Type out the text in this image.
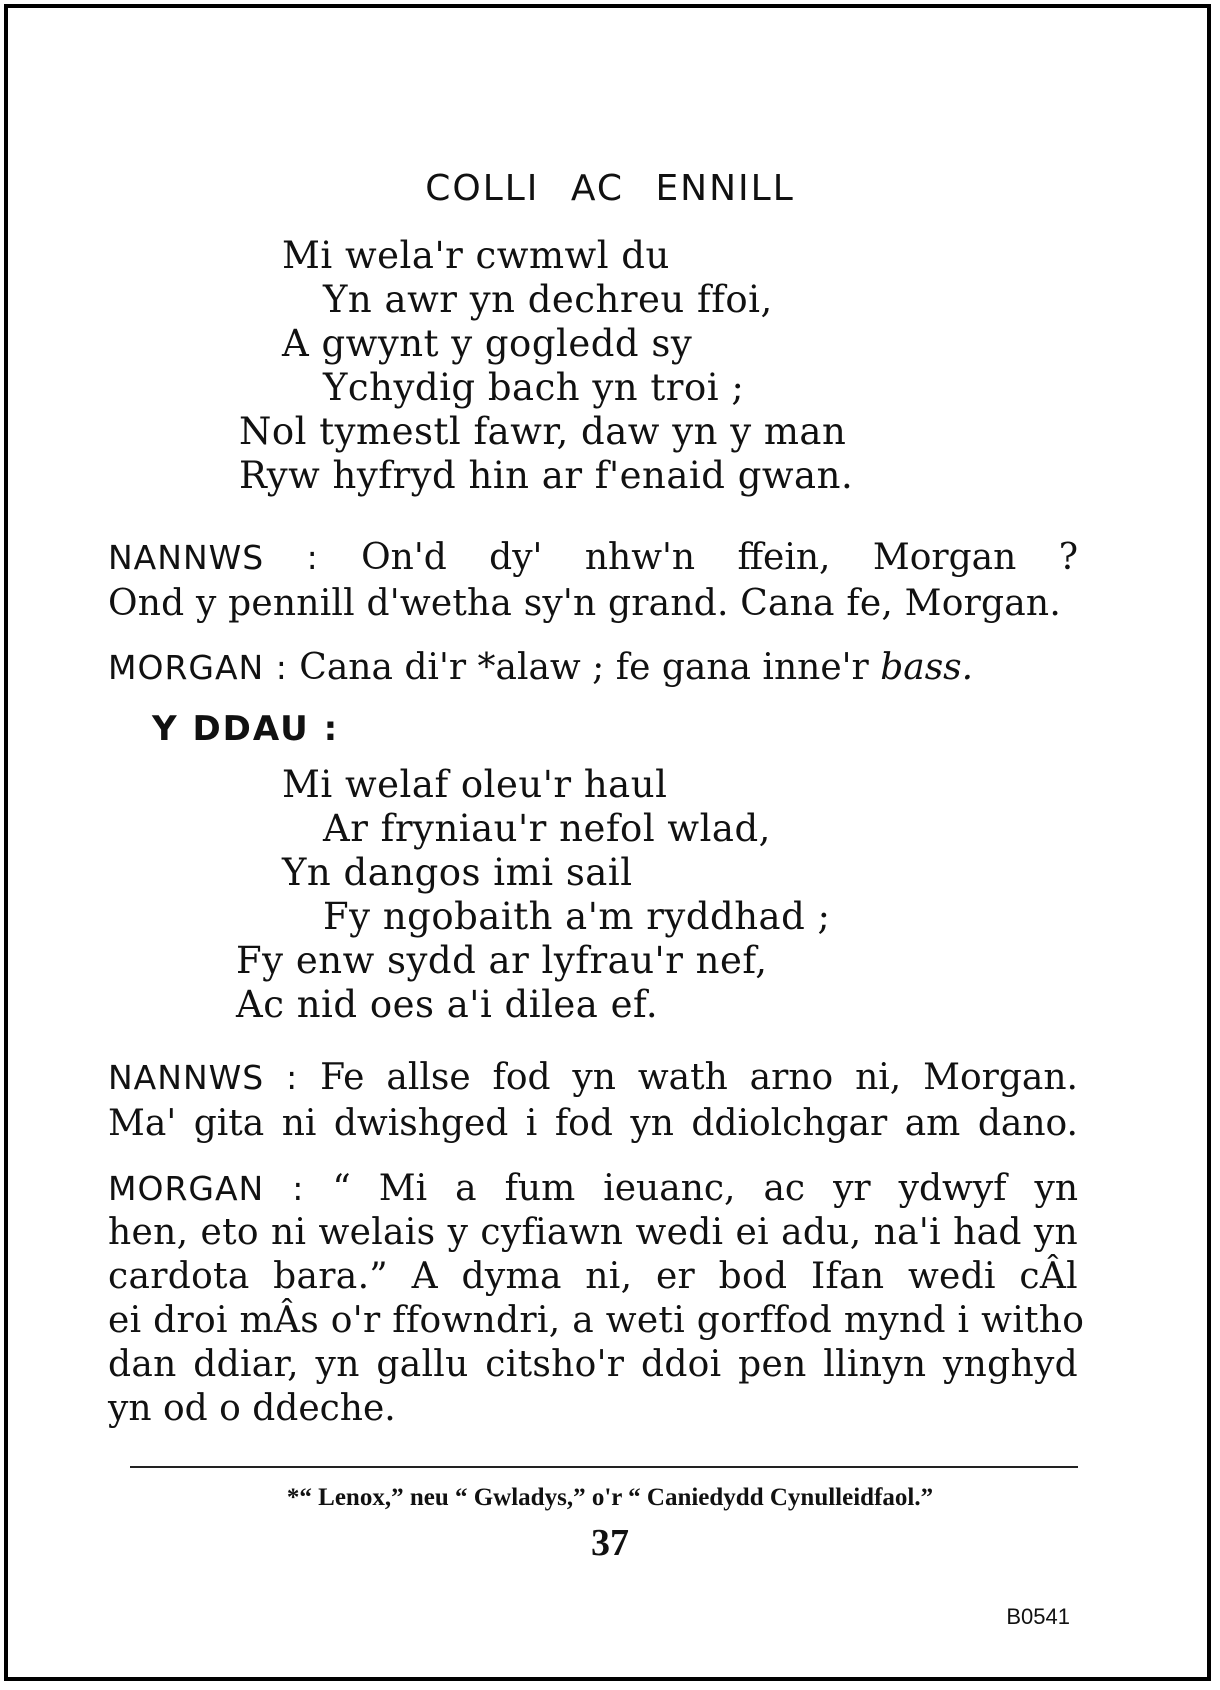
COLLI AC ENNILL
Mi wela'r cwmwl du
Yn awr yn dechreu ffoi,
A gwynt y gogledd sy
Ychydig bach yn troi ;
Nol tymestl fawr, daw yn y man
Ryw hyfryd hin ar f'enaid gwan.
NANNWS : On'd dy' nhw'n ffein, Morgan ?
Ond y pennill d'wetha sy'n grand. Cana fe, Morgan.
MORGAN : Cana di'r *alaw ; fe gana inne'r bass.
Y DDAU :
Mi welaf oleu'r haul
Ar fryniau'r nefol wlad,
Yn dangos imi sail
Fy ngobaith a'm ryddhad ;
Fy enw sydd ar lyfrau'r nef,
Ac nid oes a'i dilea ef.
NANNWS : Fe allse fod yn wath arno ni, Morgan.
Ma' gita ni dwishged i fod yn ddiolchgar am dano.
MORGAN : “ Mi a fum ieuanc, ac yr ydwyf yn
hen, eto ni welais y cyfiawn wedi ei adu, na'i had yn
cardota bara.” A dyma ni, er bod Ifan wedi cÂl
ei droi mÂs o'r ffowndri, a weti gorffod mynd i witho
dan ddiar, yn gallu citsho'r ddoi pen llinyn ynghyd
yn od o ddeche.
*“ Lenox,” neu “ Gwladys,” o'r “ Caniedydd Cynulleidfaol.”
37
B0541
